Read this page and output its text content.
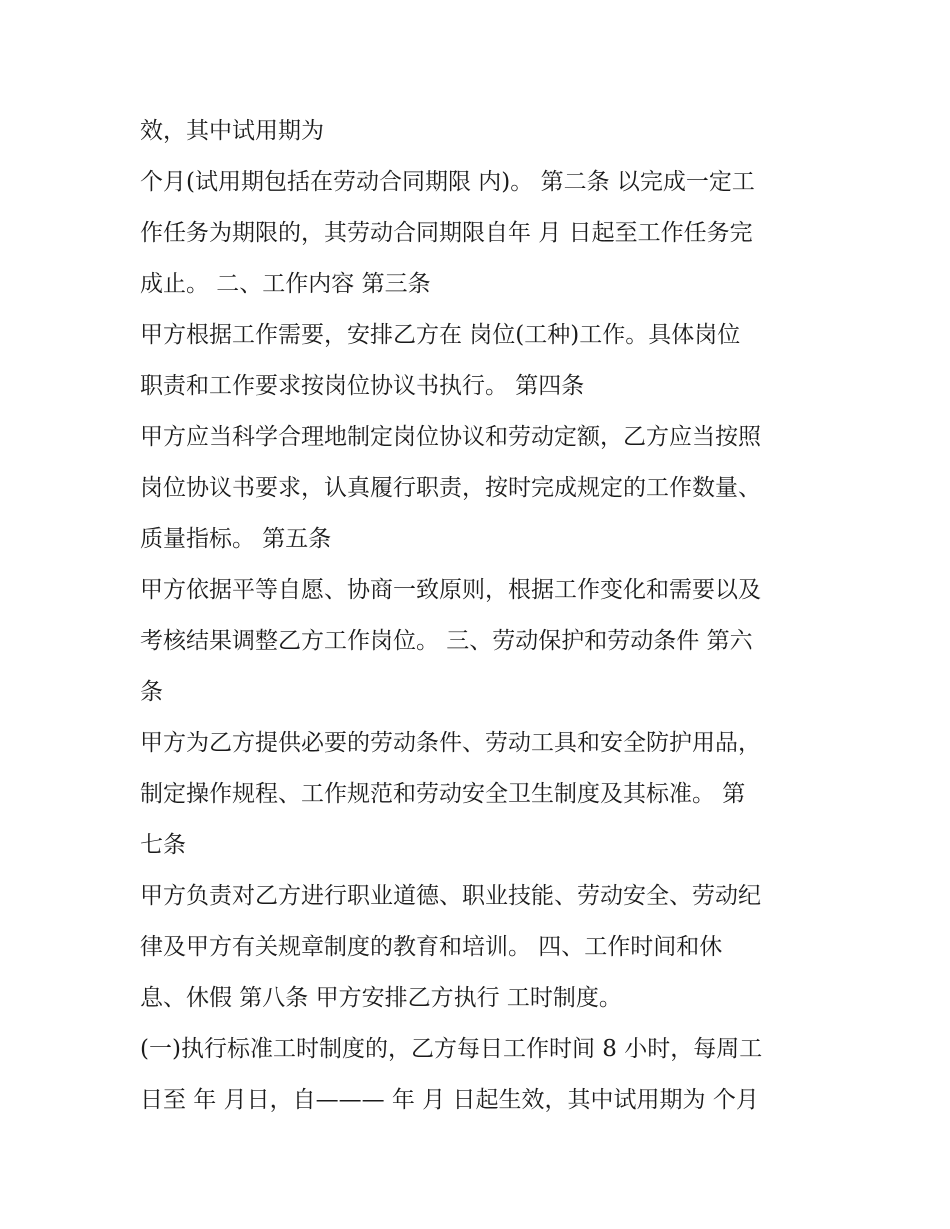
效，其中试用期为
个月(试用期包括在劳动合同期限 内)。 第二条 以完成一定工
作任务为期限的，其劳动合同期限自年 月 日起至工作任务完
成止。 二、工作内容 第三条
甲方根据工作需要，安排乙方在 岗位(工种)工作。具体岗位
职责和工作要求按岗位协议书执行。 第四条
甲方应当科学合理地制定岗位协议和劳动定额，乙方应当按照
岗位协议书要求，认真履行职责，按时完成规定的工作数量、
质量指标。 第五条
甲方依据平等自愿、协商一致原则，根据工作变化和需要以及
考核结果调整乙方工作岗位。 三、劳动保护和劳动条件 第六
条
甲方为乙方提供必要的劳动条件、劳动工具和安全防护用品，
制定操作规程、工作规范和劳动安全卫生制度及其标准。 第
七条
甲方负责对乙方进行职业道德、职业技能、劳动安全、劳动纪
律及甲方有关规章制度的教育和培训。 四、工作时间和休
息、休假 第八条 甲方安排乙方执行 工时制度。
(一)执行标准工时制度的，乙方每日工作时间 8 小时，每周工
日至 年 月日，自——— 年 月 日起生效，其中试用期为 个月
